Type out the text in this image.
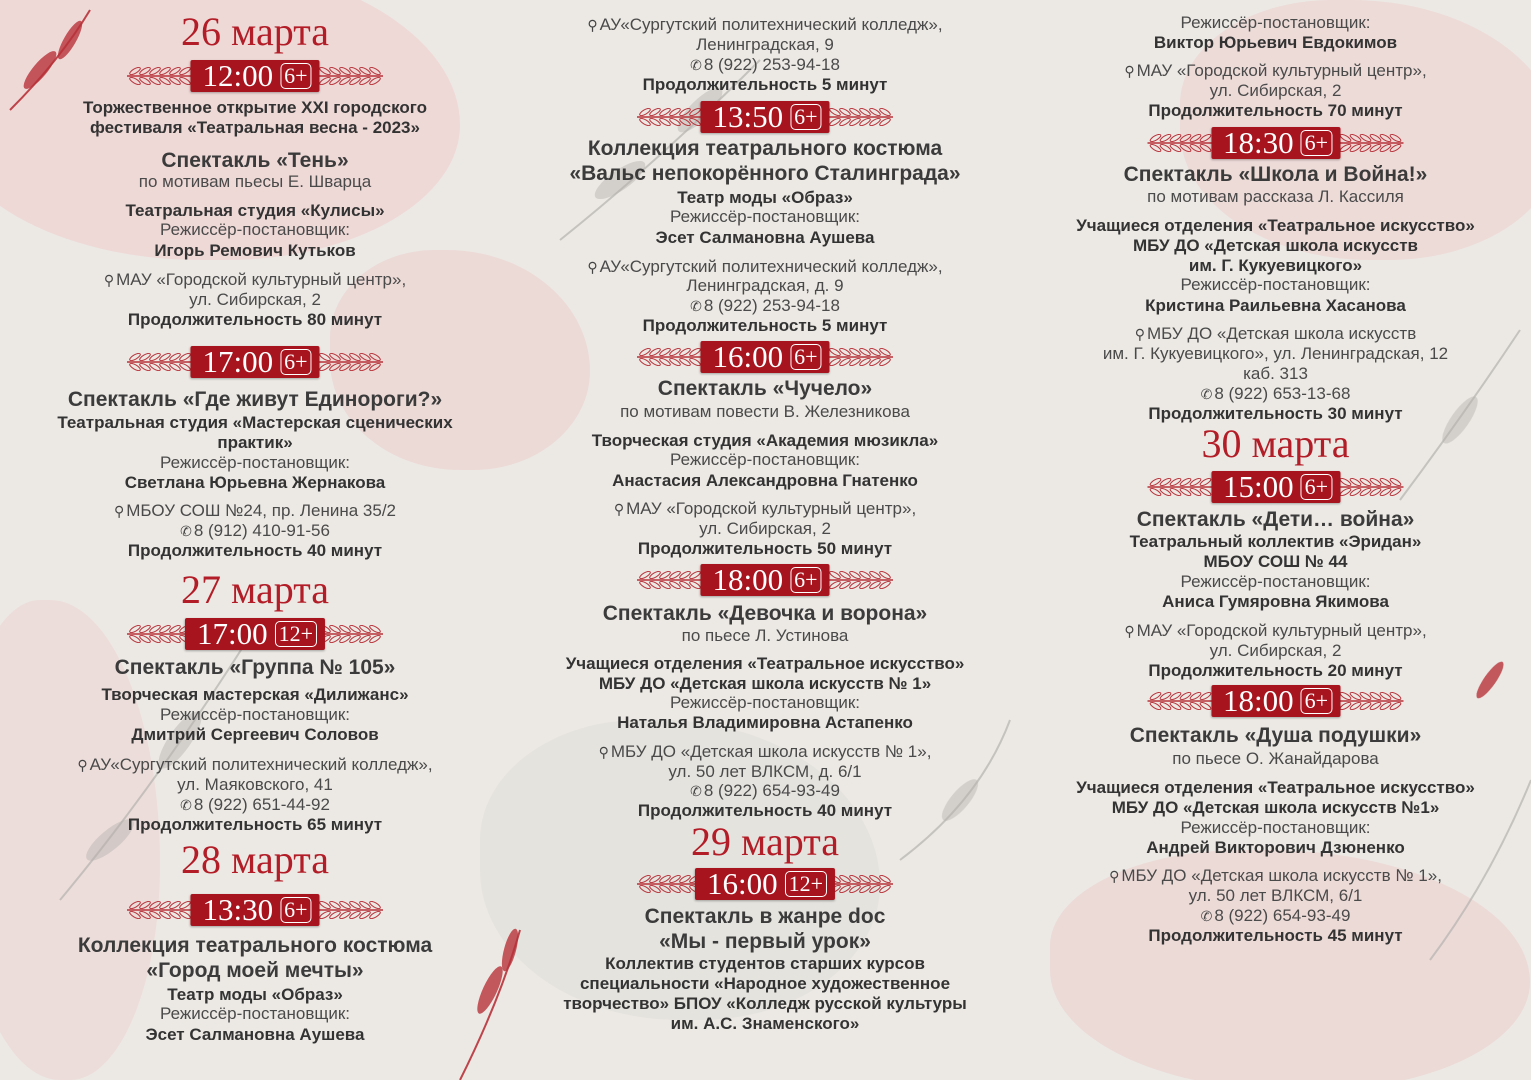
26 марта
12:00 6+
Торжественное открытие XXI городского
фестиваля «Театральная весна - 2023»
Спектакль «Тень»
по мотивам пьесы Е. Шварца
Театральная студия «Кулисы»
Режиссёр-постановщик:
Игорь Ремович Кутьков
⚲ МАУ «Городской культурный центр»,
ул. Сибирская, 2
Продолжительность 80 минут
17:00 6+
Спектакль «Где живут Единороги?»
Театральная студия «Мастерская сценических
практик»
Режиссёр-постановщик:
Светлана Юрьевна Жернакова
⚲ МБОУ СОШ №24, пр. Ленина 35/2
✆ 8 (912) 410-91-56
Продолжительность 40 минут
27 марта
17:00 12+
Спектакль «Группа № 105»
Творческая мастерская «Дилижанс»
Режиссёр-постановщик:
Дмитрий Сергеевич Соловов
⚲ АУ«Сургутский политехнический колледж»,
ул. Маяковского, 41
✆ 8 (922) 651-44-92
Продолжительность 65 минут
28 марта
13:30 6+
Коллекция театрального костюма
«Город моей мечты»
Театр моды «Образ»
Режиссёр-постановщик:
Эсет Салмановна Аушева
⚲ АУ«Сургутский политехнический колледж»,
Ленинградская, 9
✆ 8 (922) 253-94-18
Продолжительность 5 минут
13:50 6+
Коллекция театрального костюма
«Вальс непокорённого Сталинграда»
Театр моды «Образ»
Режиссёр-постановщик:
Эсет Салмановна Аушева
⚲ АУ«Сургутский политехнический колледж»,
Ленинградская, д. 9
✆ 8 (922) 253-94-18
Продолжительность 5 минут
16:00 6+
Спектакль «Чучело»
по мотивам повести В. Железникова
Творческая студия «Академия мюзикла»
Режиссёр-постановщик:
Анастасия Александровна Гнатенко
⚲ МАУ «Городской культурный центр»,
ул. Сибирская, 2
Продолжительность 50 минут
18:00 6+
Спектакль «Девочка и ворона»
по пьесе Л. Устинова
Учащиеся отделения «Театральное искусство»
МБУ ДО «Детская школа искусств № 1»
Режиссёр-постановщик:
Наталья Владимировна Астапенко
⚲ МБУ ДО «Детская школа искусств № 1»,
ул. 50 лет ВЛКСМ, д. 6/1
✆ 8 (922) 654-93-49
Продолжительность 40 минут
29 марта
16:00 12+
Спектакль в жанре doc
«Мы - первый урок»
Коллектив студентов старших курсов
специальности «Народное художественное
творчество» БПОУ «Колледж русской культуры
им. А.С. Знаменского»
Режиссёр-постановщик:
Виктор Юрьевич Евдокимов
⚲ МАУ «Городской культурный центр»,
ул. Сибирская, 2
Продолжительность 70 минут
18:30 6+
Спектакль «Школа и Война!»
по мотивам рассказа Л. Кассиля
Учащиеся отделения «Театральное искусство»
МБУ ДО «Детская школа искусств
им. Г. Кукуевицкого»
Режиссёр-постановщик:
Кристина Раильевна Хасанова
⚲ МБУ ДО «Детская школа искусств
им. Г. Кукуевицкого», ул. Ленинградская, 12
каб. 313
✆ 8 (922) 653-13-68
Продолжительность 30 минут
30 марта
15:00 6+
Спектакль «Дети… война»
Театральный коллектив «Эридан»
МБОУ СОШ № 44
Режиссёр-постановщик:
Аниса Гумяровна Якимова
⚲ МАУ «Городской культурный центр»,
ул. Сибирская, 2
Продолжительность 20 минут
18:00 6+
Спектакль «Душа подушки»
по пьесе О. Жанайдарова
Учащиеся отделения «Театральное искусство»
МБУ ДО «Детская школа искусств №1»
Режиссёр-постановщик:
Андрей Викторович Дзюненко
⚲ МБУ ДО «Детская школа искусств № 1»,
ул. 50 лет ВЛКСМ, 6/1
✆ 8 (922) 654-93-49
Продолжительность 45 минут
